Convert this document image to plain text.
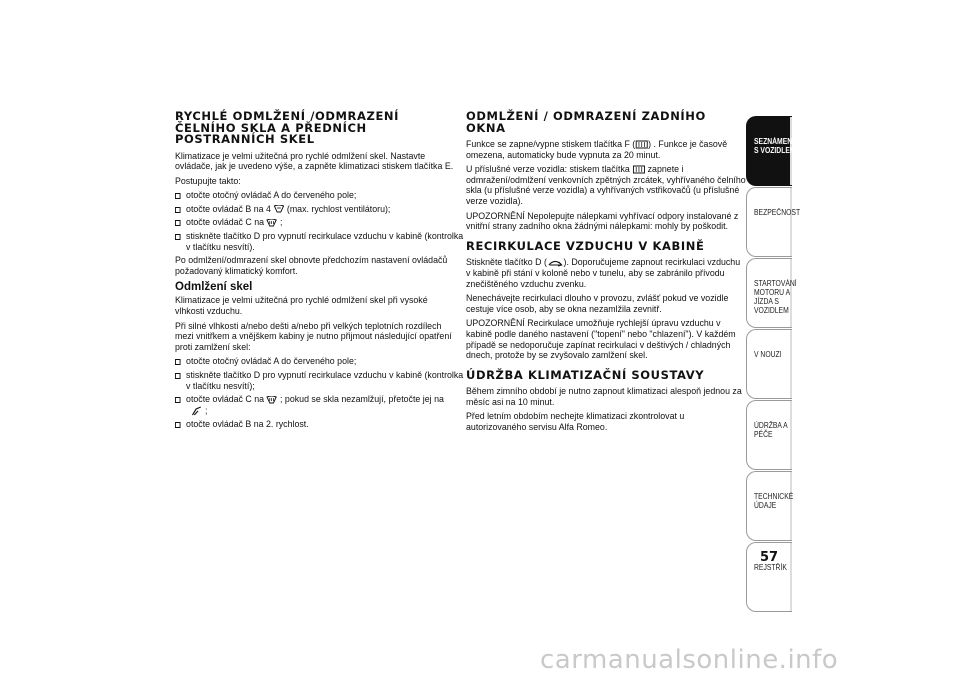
RYCHLÉ ODMLŽENÍ /ODMRAZENÍ ČELNÍHO SKLA A PŘEDNÍCH POSTRANNÍCH SKEL

Klimatizace je velmi užitečná pro rychlé odmlžení skel. Nastavte ovládače, jak je uvedeno výše, a zapněte klimatizaci stiskem tlačítka E.

Postupujte takto:

otočte otočný ovládač A do červeného pole;
otočte ovládač B na 4 (max. rychlost ventilátoru);
otočte ovládač C na ;
stiskněte tlačítko D pro vypnutí recirkulace vzduchu v kabině (kontrolka v tlačítku nesvítí).

Po odmlžení/odmrazení skel obnovte předchozím nastavení ovládačů požadovaný klimatický komfort.

Odmlžení skel

Klimatizace je velmi užitečná pro rychlé odmlžení skel při vysoké vlhkosti vzduchu.

Při silné vlhkosti a/nebo dešti a/nebo při velkých teplotních rozdílech mezi vnitřkem a vnějškem kabiny je nutno přijmout následující opatření proti zamlžení skel:

otočte otočný ovládač A do červeného pole;
stiskněte tlačítko D pro vypnutí recirkulace vzduchu v kabině (kontrolka v tlačítku nesvítí);
otočte ovládač C na ; pokud se skla nezamlžují, přetočte jej na
;
otočte ovládač B na 2. rychlost.
ODMLŽENÍ / ODMRAZENÍ ZADNÍHO OKNA

Funkce se zapne/vypne stiskem tlačítka F ( ) . Funkce je časově omezena, automaticky bude vypnuta za 20 minut.

U příslušné verze vozidla: stiskem tlačítka zapnete i odmražení/odmlžení venkovních zpětných zrcátek, vyhřívaného čelního skla (u příslušné verze vozidla) a vyhřívaných vstřikovačů (u příslušné verze vozidla).

UPOZORNĚNÍ Nepolepujte nálepkami vyhřívací odpory instalované z vnitřní strany zadního okna žádnými nálepkami: mohly by poškodit.

RECIRKULACE VZDUCHU V KABINĚ

Stiskněte tlačítko D ( ). Doporučujeme zapnout recirkulaci vzduchu v kabině při stání v koloně nebo v tunelu, aby se zabránilo přívodu znečištěného vzduchu zvenku.

Nenechávejte recirkulaci dlouho v provozu, zvlášť pokud ve vozidle cestuje více osob, aby se okna nezamlžila zevnitř.

UPOZORNĚNÍ Recirkulace umožňuje rychlejší úpravu vzduchu v kabině podle daného nastavení ("topení" nebo "chlazení"). V každém případě se nedoporučuje zapínat recirkulaci v deštivých / chladných dnech, protože by se zvyšovalo zamlžení skel.

ÚDRŽBA KLIMATIZAČNÍ SOUSTAVY

Během zimního období je nutno zapnout klimatizaci alespoň jednou za měsíc asi na 10 minut.

Před letním obdobím nechejte klimatizaci zkontrolovat u autorizovaného servisu Alfa Romeo.

SEZNÁMENÍ S VOZIDLEM
BEZPEČNOST
STARTOVÁNÍ MOTORU A JÍZDA S VOZIDLEM
V NOUZI
ÚDRŽBA A PÉČE
TECHNICKÉ ÚDAJE
REJSTŘÍK
57
carmanualsonline.info
